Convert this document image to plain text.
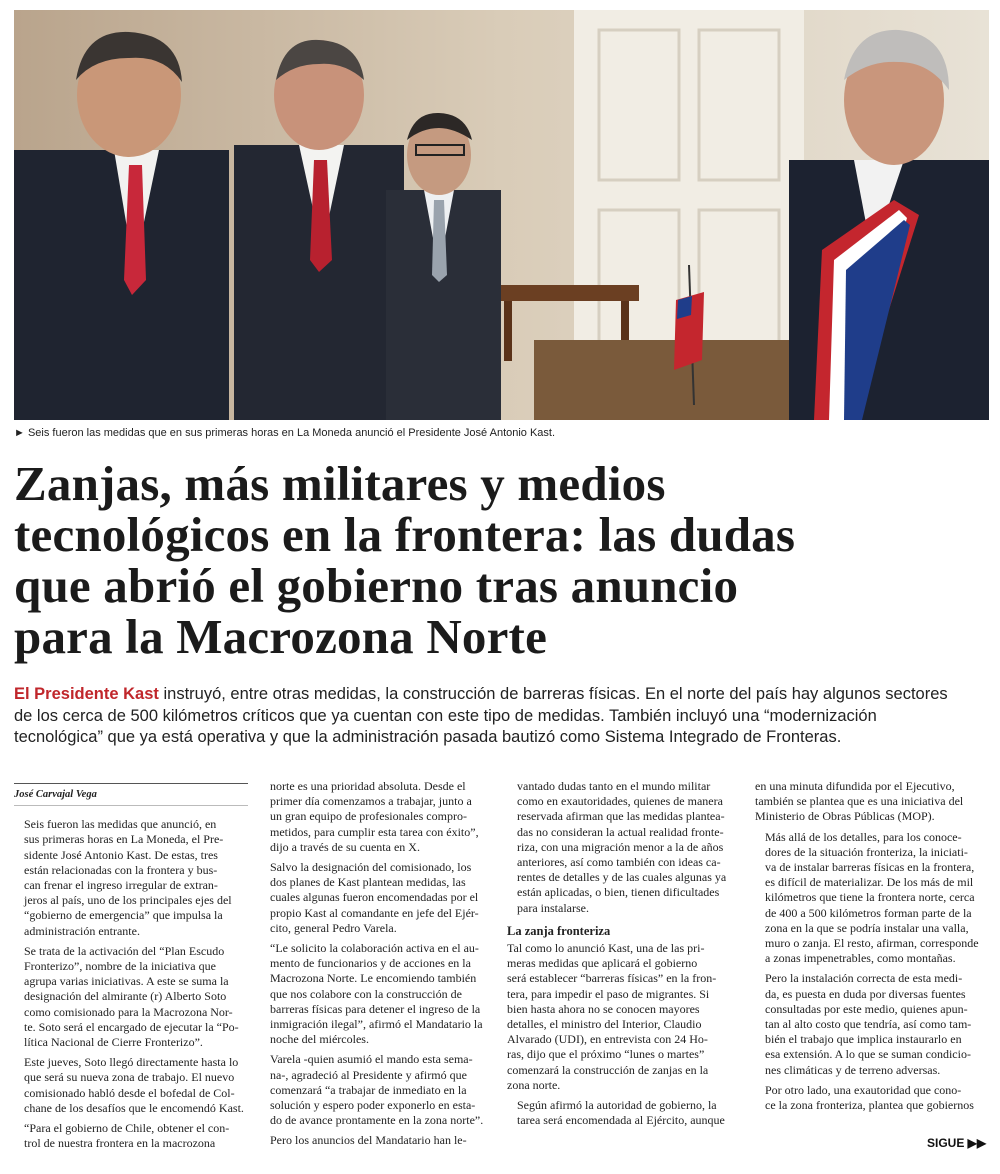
► Seis fueron las medidas que en sus primeras horas en La Moneda anunció el Presidente José Antonio Kast.
Zanjas, más militares y medios
tecnológicos en la frontera: las dudas
que abrió el gobierno tras anuncio
para la Macrozona Norte
El Presidente Kast instruyó, entre otras medidas, la construcción de barreras físicas. En el norte del país hay algunos sectores
de los cerca de 500 kilómetros críticos que ya cuentan con este tipo de medidas. También incluyó una “modernización
tecnológica” que ya está operativa y que la administración pasada bautizó como Sistema Integrado de Fronteras.
José Carvajal Vega

Seis fueron las medidas que anunció, en
sus primeras horas en La Moneda, el Pre-
sidente José Antonio Kast. De estas, tres
están relacionadas con la frontera y bus-
can frenar el ingreso irregular de extran-
jeros al país, uno de los principales ejes del
“gobierno de emergencia” que impulsa la
administración entrante.

Se trata de la activación del “Plan Escudo
Fronterizo”, nombre de la iniciativa que
agrupa varias iniciativas. A este se suma la
designación del almirante (r) Alberto Soto
como comisionado para la Macrozona Nor-
te. Soto será el encargado de ejecutar la “Po-
lítica Nacional de Cierre Fronterizo”.

Este jueves, Soto llegó directamente hasta lo
que será su nueva zona de trabajo. El nuevo
comisionado habló desde el bofedal de Col-
chane de los desafíos que le encomendó Kast.

“Para el gobierno de Chile, obtener el con-
trol de nuestra frontera en la macrozona

norte es una prioridad absoluta. Desde el
primer día comenzamos a trabajar, junto a
un gran equipo de profesionales compro-
metidos, para cumplir esta tarea con éxito”,
dijo a través de su cuenta en X.

Salvo la designación del comisionado, los
dos planes de Kast plantean medidas, las
cuales algunas fueron encomendadas por el
propio Kast al comandante en jefe del Ejér-
cito, general Pedro Varela.

“Le solicito la colaboración activa en el au-
mento de funcionarios y de acciones en la
Macrozona Norte. Le encomiendo también
que nos colabore con la construcción de
barreras físicas para detener el ingreso de la
inmigración ilegal”, afirmó el Mandatario la
noche del miércoles.

Varela -quien asumió el mando esta sema-
na-, agradeció al Presidente y afirmó que
comenzará “a trabajar de inmediato en la
solución y espero poder exponerlo en esta-
do de avance prontamente en la zona norte”.

Pero los anuncios del Mandatario han le-

vantado dudas tanto en el mundo militar
como en exautoridades, quienes de manera
reservada afirman que las medidas plantea-
das no consideran la actual realidad fronte-
riza, con una migración menor a la de años
anteriores, así como también con ideas ca-
rentes de detalles y de las cuales algunas ya
están aplicadas, o bien, tienen dificultades
para instalarse.

La zanja fronteriza

Tal como lo anunció Kast, una de las pri-
meras medidas que aplicará el gobierno
será establecer “barreras físicas” en la fron-
tera, para impedir el paso de migrantes. Si
bien hasta ahora no se conocen mayores
detalles, el ministro del Interior, Claudio
Alvarado (UDI), en entrevista con 24 Ho-
ras, dijo que el próximo “lunes o martes”
comenzará la construcción de zanjas en la
zona norte.

Según afirmó la autoridad de gobierno, la
tarea será encomendada al Ejército, aunque

en una minuta difundida por el Ejecutivo,
también se plantea que es una iniciativa del
Ministerio de Obras Públicas (MOP).

Más allá de los detalles, para los conoce-
dores de la situación fronteriza, la iniciati-
va de instalar barreras físicas en la frontera,
es difícil de materializar. De los más de mil
kilómetros que tiene la frontera norte, cerca
de 400 a 500 kilómetros forman parte de la
zona en la que se podría instalar una valla,
muro o zanja. El resto, afirman, corresponde
a zonas impenetrables, como montañas.

Pero la instalación correcta de esta medi-
da, es puesta en duda por diversas fuentes
consultadas por este medio, quienes apun-
tan al alto costo que tendría, así como tam-
bién el trabajo que implica instaurarlo en
esa extensión. A lo que se suman condicio-
nes climáticas y de terreno adversas.

Por otro lado, una exautoridad que cono-
ce la zona fronteriza, plantea que gobiernos

SIGUE ▶▶
